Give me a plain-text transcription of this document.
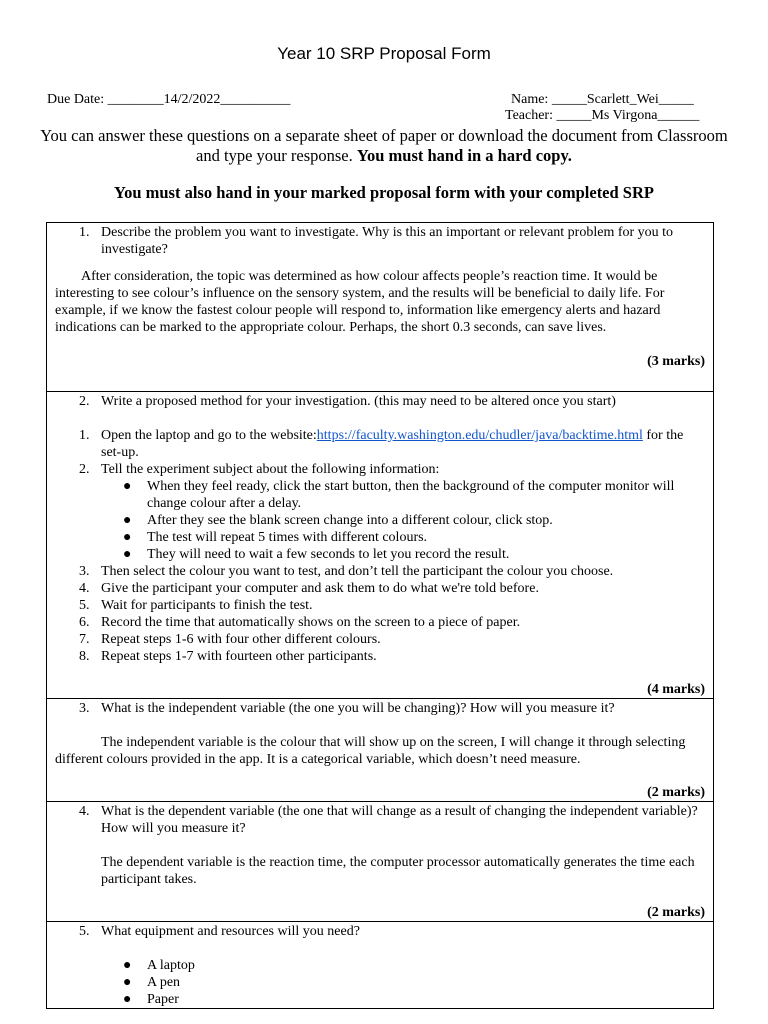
Year 10 SRP Proposal Form
Due Date: ________14/2/2022__________	Name: _____Scarlett_Wei_____
Teacher: _____Ms Virgona______
You can answer these questions on a separate sheet of paper or download the document from Classroom and type your response. You must hand in a hard copy.
You must also hand in your marked proposal form with your completed SRP

1. Describe the problem you want to investigate. Why is this an important or relevant problem for you to investigate?

After consideration, the topic was determined as how colour affects people’s reaction time. It would be interesting to see colour’s influence on the sensory system, and the results will be beneficial to daily life. For example, if we know the fastest colour people will respond to, information like emergency alerts and hazard indications can be marked to the appropriate colour. Perhaps, the short 0.3 seconds, can save lives.

(3 marks)

2. Write a proposed method for your investigation. (this may need to be altered once you start)

1. Open the laptop and go to the website:https://faculty.washington.edu/chudler/java/backtime.html for the set-up.
2. Tell the experiment subject about the following information:
● When they feel ready, click the start button, then the background of the computer monitor will change colour after a delay.
● After they see the blank screen change into a different colour, click stop.
● The test will repeat 5 times with different colours.
● They will need to wait a few seconds to let you record the result.
3. Then select the colour you want to test, and don’t tell the participant the colour you choose.
4. Give the participant your computer and ask them to do what we're told before.
5. Wait for participants to finish the test.
6. Record the time that automatically shows on the screen to a piece of paper.
7. Repeat steps 1-6 with four other different colours.
8. Repeat steps 1-7 with fourteen other participants.
(4 marks)

3. What is the independent variable (the one you will be changing)? How will you measure it?

The independent variable is the colour that will show up on the screen, I will change it through selecting different colours provided in the app. It is a categorical variable, which doesn’t need measure.

(2 marks)

4. What is the dependent variable (the one that will change as a result of changing the independent variable)? How will you measure it?

The dependent variable is the reaction time, the computer processor automatically generates the time each participant takes.

(2 marks)

5. What equipment and resources will you need?

● A laptop
● A pen
● Paper
